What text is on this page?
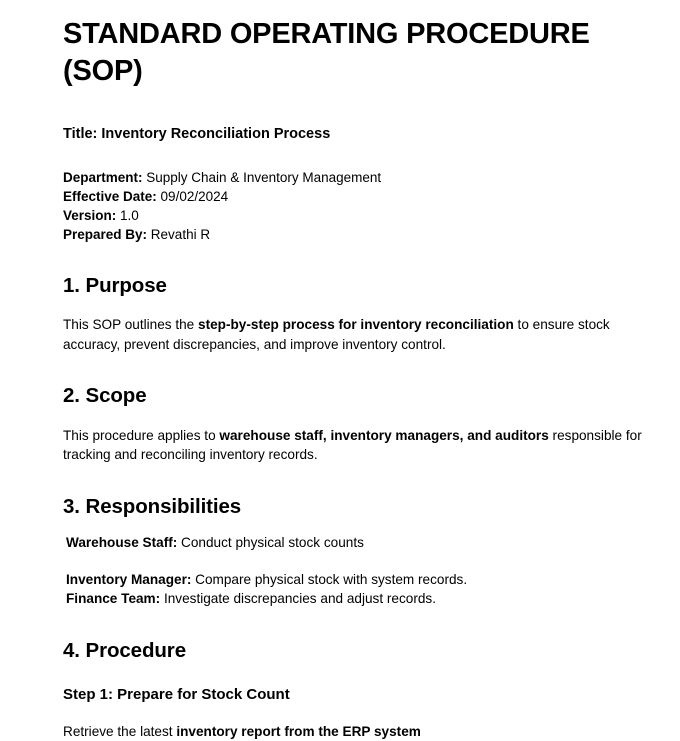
STANDARD OPERATING PROCEDURE (SOP)

Title: Inventory Reconciliation Process

Department: Supply Chain & Inventory Management
Effective Date: 09/02/2024
Version: 1.0
Prepared By: Revathi R
1. Purpose

This SOP outlines the step-by-step process for inventory reconciliation to ensure stock accuracy, prevent discrepancies, and improve inventory control.

2. Scope

This procedure applies to warehouse staff, inventory managers, and auditors responsible for tracking and reconciling inventory records.

3. Responsibilities
Warehouse Staff: Conduct physical stock counts
Inventory Manager: Compare physical stock with system records.
Finance Team: Investigate discrepancies and adjust records.
4. Procedure
Step 1: Prepare for Stock Count

Retrieve the latest inventory report from the ERP system
